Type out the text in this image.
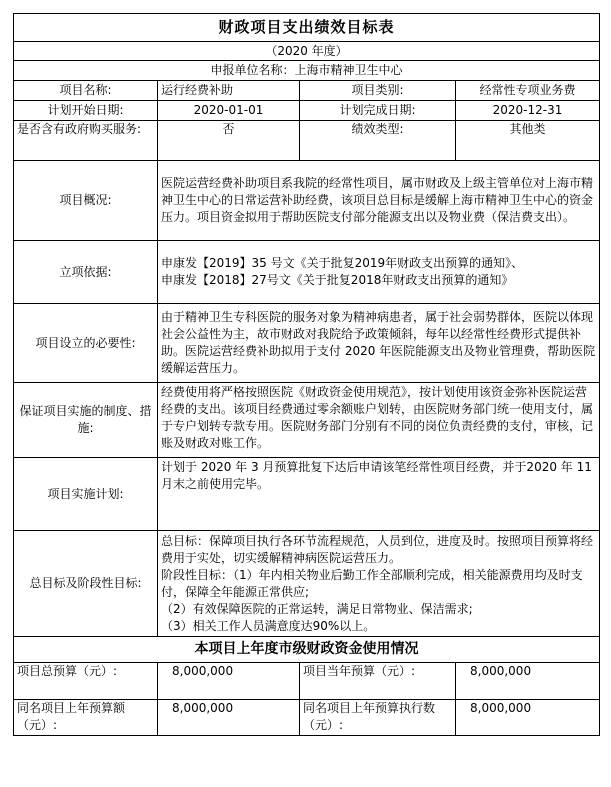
财政项目支出绩效目标表			
（2020 年度）			
申报单位名称：上海市精神卫生中心			
项目名称:	运行经费补助	项目类别:	经常性专项业务费
计划开始日期:	2020-01-01	计划完成日期:	2020-12-31
是否含有政府购买服务:	否	绩效类型:	其他类
项目概况:	医院运营经费补助项目系我院的经常性项目，属市财政及上级主管单位对上海市精神卫生中心的日常运营补助经费，该项目总目标是缓解上海市精神卫生中心的资金压力。项目资金拟用于帮助医院支付部分能源支出以及物业费（保洁费支出）。		
立项依据:	申康发【2019】35 号文《关于批复2019年财政支出预算的通知》、

申康发【2018】27号文《关于批复2018年财政支出预算的通知》		

项目设立的必要性:	由于精神卫生专科医院的服务对象为精神病患者，属于社会弱势群体，医院以体现社会公益性为主，故市财政对我院给予政策倾斜，每年以经常性经费形式提供补助。医院运营经费补助拟用于支付 2020 年医院能源支出及物业管理费，帮助医院缓解运营压力。		
保证项目实施的制度、措施:	经费使用将严格按照医院《财政资金使用规范》，按计划使用该资金弥补医院运营经费的支出。该项目经费通过零余额账户划转，由医院财务部门统一使用支付，属于专户划转专款专用。医院财务部门分别有不同的岗位负责经费的支付，审核，记账及财政对账工作。		
项目实施计划:	计划于 2020 年 3 月预算批复下达后申请该笔经常性项目经费，并于2020 年 11 月末之前使用完毕。		
总目标及阶段性目标:	总目标：保障项目执行各环节流程规范，人员到位，进度及时。按照项目预算将经费用于实处，切实缓解精神病医院运营压力。

阶段性目标：（1）年内相关物业后勤工作全部顺利完成，相关能源费用均及时支付，保障全年能源正常供应;

（2）有效保障医院的正常运转，满足日常物业、保洁需求;

（3）相关工作人员满意度达90%以上。		

本项目上年度市级财政资金使用情况			
项目总预算（元）:	8,000,000	项目当年预算（元）:	8,000,000
同名项目上年预算额（元）:	8,000,000	同名项目上年预算执行数（元）:	8,000,000
